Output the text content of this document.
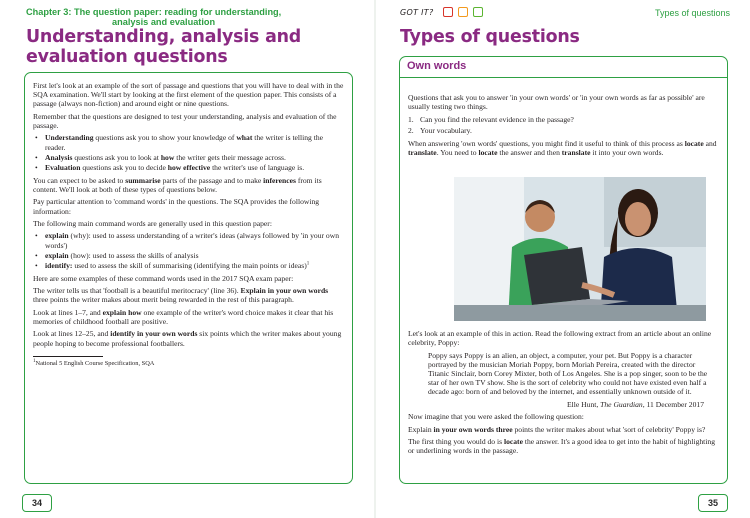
Chapter 3: The question paper: reading for understanding,
analysis and evaluation
Understanding, analysis and
evaluation questions

First let's look at an example of the sort of passage and questions that you will have to deal with in the SQA examination. We'll start by looking at the first element of the question paper. This consists of a passage (always non-fiction) and around eight or nine questions.

Remember that the questions are designed to test your understanding, analysis and evaluation of the passage.

• Understanding questions ask you to show your knowledge of what the writer is telling the reader.
• Analysis questions ask you to look at how the writer gets their message across.
• Evaluation questions ask you to decide how effective the writer's use of language is.

You can expect to be asked to summarise parts of the passage and to make inferences from its content. We'll look at both of these types of questions below.

Pay particular attention to 'command words' in the questions. The SQA provides the following information:

The following main command words are generally used in this question paper:

• explain (why): used to assess understanding of a writer's ideas (always followed by 'in your own words')
• explain (how): used to assess the skills of analysis
• identify: used to assess the skill of summarising (identifying the main points or ideas)$^1$

Here are some examples of these command words used in the 2017 SQA exam paper:

The writer tells us that 'football is a beautiful meritocracy' (line 36). Explain in your own words three points the writer makes about merit being rewarded in the rest of this paragraph.

Look at lines 1–7, and explain how one example of the writer's word choice makes it clear that his memories of childhood football are positive.

Look at lines 12–25, and identify in your own words six points which the writer makes about young people hoping to become professional footballers.

$^1$National 5 English Course Specification, SQA
34
GOT IT?	Types of questions
Types of questions
Own words

Questions that ask you to answer 'in your own words' or 'in your own words as far as possible' are usually testing two things.

1. Can you find the relevant evidence in the passage?
2. Your vocabulary.

When answering 'own words' questions, you might find it useful to think of this process as locate and translate. You need to locate the answer and then translate it into your own words.

Let's look at an example of this in action. Read the following extract from an article about an online celebrity, Poppy:

Poppy says Poppy is an alien, an object, a computer, your pet. But Poppy is a character portrayed by the musician Moriah Poppy, born Moriah Pereira, created with the director Titanic Sinclair, born Corey Mixter, both of Los Angeles. She is a pop singer, soon to be the star of her own TV show. She is the sort of celebrity who could not have existed even half a decade ago: born of and beloved by the internet, and essentially unknown outside of it.

Elle Hunt, The Guardian, 11 December 2017

Now imagine that you were asked the following question:

Explain in your own words three points the writer makes about what 'sort of celebrity' Poppy is?

The first thing you would do is locate the answer. It's a good idea to get into the habit of highlighting or underlining words in the passage.

35
